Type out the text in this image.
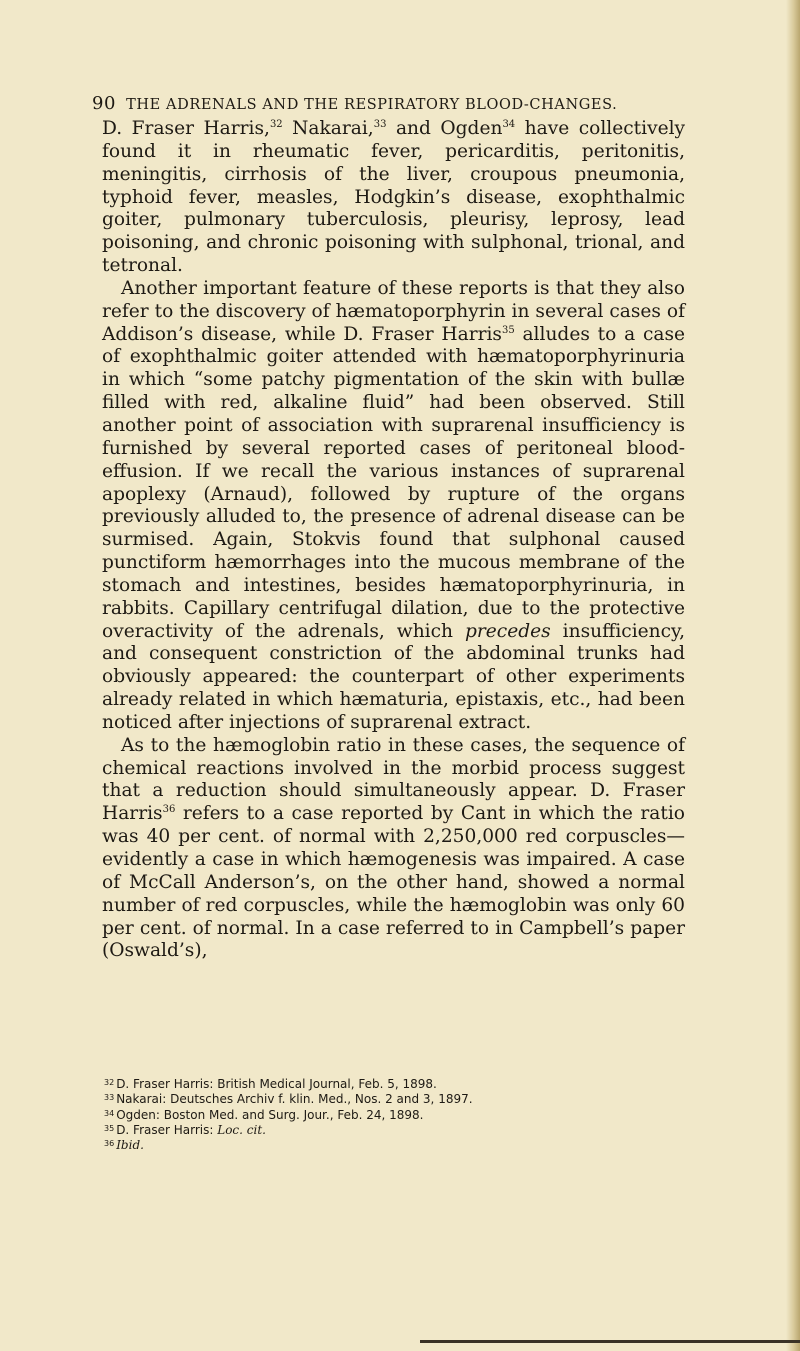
90 THE ADRENALS AND THE RESPIRATORY BLOOD-CHANGES.

D. Fraser Harris,$^{32}$ Nakarai,$^{33}$ and Ogden$^{34}$ have collectively found it in rheumatic fever, pericarditis, peritonitis, meningitis, cirrhosis of the liver, croupous pneumonia, typhoid fever, measles, Hodgkin’s disease, exophthalmic goiter, pulmonary tuberculosis, pleurisy, leprosy, lead poisoning, and chronic poisoning with sulphonal, trional, and tetronal.

Another important feature of these reports is that they also refer to the discovery of hæmatoporphyrin in several cases of Addison’s disease, while D. Fraser Harris$^{35}$ alludes to a case of exophthalmic goiter attended with hæmatoporphyrinuria in which “some patchy pigmentation of the skin with bullæ filled with red, alkaline fluid” had been observed. Still another point of association with suprarenal insufficiency is furnished by several reported cases of peritoneal blood-effusion. If we recall the various instances of suprarenal apoplexy (Arnaud), followed by rupture of the organs previously alluded to, the presence of adrenal disease can be surmised. Again, Stokvis found that sulphonal caused punctiform hæmorrhages into the mucous membrane of the stomach and intestines, besides hæmatoporphyrinuria, in rabbits. Capillary centrifugal dilation, due to the protective overactivity of the adrenals, which precedes insufficiency, and consequent constriction of the abdominal trunks had obviously appeared: the counterpart of other experiments already related in which hæmaturia, epistaxis, etc., had been noticed after injections of suprarenal extract.

As to the hæmoglobin ratio in these cases, the sequence of chemical reactions involved in the morbid process suggest that a reduction should simultaneously appear. D. Fraser Harris$^{36}$ refers to a case reported by Cant in which the ratio was 40 per cent. of normal with 2,250,000 red corpuscles—evidently a case in which hæmogenesis was impaired. A case of McCall Anderson’s, on the other hand, showed a normal number of red corpuscles, while the hæmoglobin was only 60 per cent. of normal. In a case referred to in Campbell’s paper (Oswald’s),

$^{32}$ D. Fraser Harris: British Medical Journal, Feb. 5, 1898.
$^{33}$ Nakarai: Deutsches Archiv f. klin. Med., Nos. 2 and 3, 1897.
$^{34}$ Ogden: Boston Med. and Surg. Jour., Feb. 24, 1898.
$^{35}$ D. Fraser Harris: Loc. cit.
$^{36}$ Ibid.
